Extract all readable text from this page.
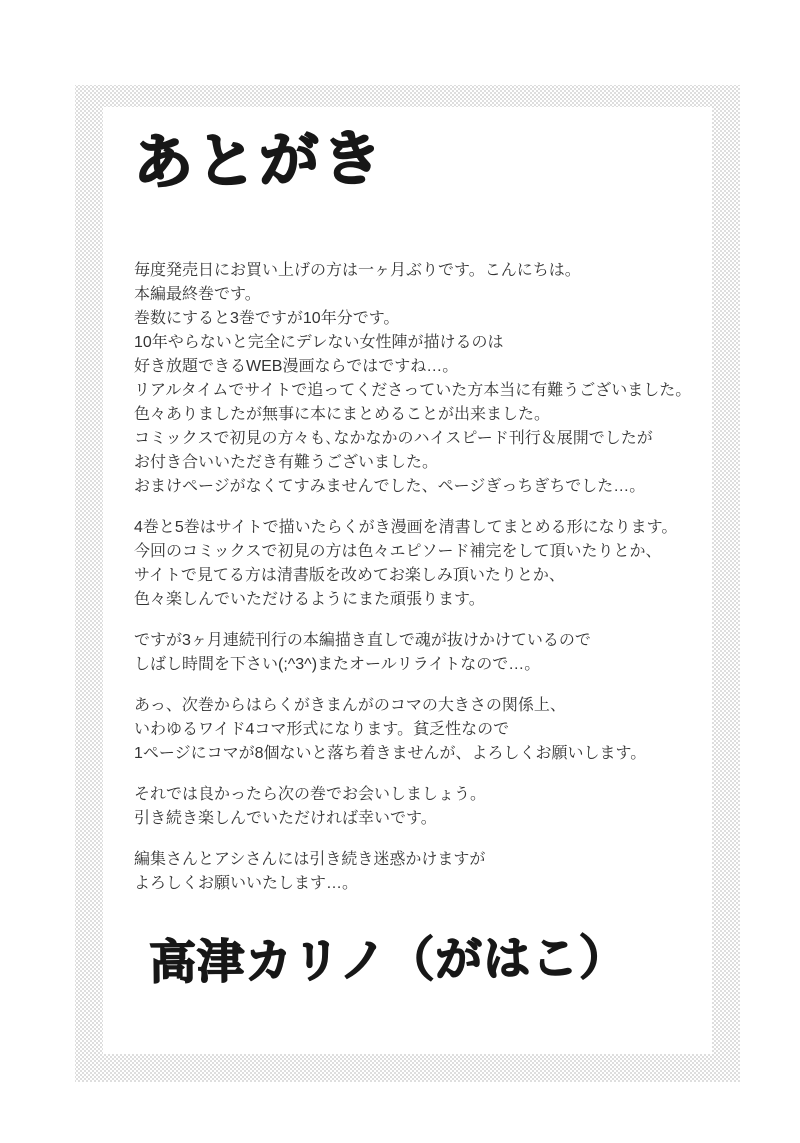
あとがき
毎度発売日にお買い上げの方は一ヶ月ぶりです。こんにちは。
本編最終巻です。
巻数にすると3巻ですが10年分です。
10年やらないと完全にデレない女性陣が描けるのは
好き放題できるWEB漫画ならではですね…。
リアルタイムでサイトで追ってくださっていた方本当に有難うございました。
色々ありましたが無事に本にまとめることが出来ました。
コミックスで初見の方々も､なかなかのハイスピード刊行＆展開でしたが
お付き合いいただき有難うございました。
おまけページがなくてすみませんでした、ページぎっちぎちでした…。
4巻と5巻はサイトで描いたらくがき漫画を清書してまとめる形になります。
今回のコミックスで初見の方は色々エピソード補完をして頂いたりとか、
サイトで見てる方は清書版を改めてお楽しみ頂いたりとか、
色々楽しんでいただけるようにまた頑張ります。
ですが3ヶ月連続刊行の本編描き直しで魂が抜けかけているので
しばし時間を下さい(;^3^)またオールリライトなので…。
あっ、次巻からはらくがきまんがのコマの大きさの関係上、
いわゆるワイド4コマ形式になります。貧乏性なので
1ページにコマが8個ないと落ち着きませんが、よろしくお願いします。
それでは良かったら次の巻でお会いしましょう。
引き続き楽しんでいただければ幸いです。
編集さんとアシさんには引き続き迷惑かけますが
よろしくお願いいたします…。
高津カリノ（がはこ）
